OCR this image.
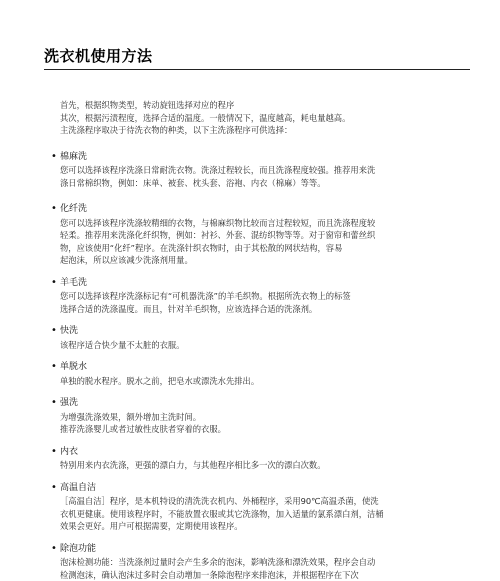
洗衣机使用方法

首先，根据织物类型，转动旋钮选择对应的程序

其次，根据污渍程度，选择合适的温度。一般情况下，温度越高，耗电量越高。

主洗涤程序取决于待洗衣物的种类，以下主洗涤程序可供选择：

• 棉麻洗

您可以选择该程序洗涤日常耐洗衣物。洗涤过程较长，而且洗涤程度较强。推荐用来洗

涤日常棉织物，例如：床单、被套、枕头套、浴袍、内衣（棉麻）等等。

• 化纤洗

您可以选择该程序洗涤较精细的衣物，与棉麻织物比较而言过程较短，而且洗涤程度较

轻柔。推荐用来洗涤化纤织物，例如：衬衫、外套、混纺织物等等。对于窗帘和蕾丝织

物，应该使用“化纤”程序。在洗涤针织衣物时，由于其松散的网状结构，容易

起泡沫，所以应该减少洗涤剂用量。

• 羊毛洗

您可以选择该程序洗涤标记有“可机器洗涤”的羊毛织物。根据所洗衣物上的标签

选择合适的洗涤温度。而且，针对羊毛织物，应该选择合适的洗涤剂。

• 快洗

该程序适合快少量不太脏的衣服。

• 单脱水

单独的脱水程序。脱水之前，把皂水或漂洗水先排出。

• 强洗

为增强洗涤效果，额外增加主洗时间。

推荐洗涤婴儿或者过敏性皮肤者穿着的衣服。

• 内衣

特别用来内衣洗涤，更强的漂白力，与其他程序相比多一次的漂白次数。

• 高温自洁

［高温自洁］程序，是本机特设的清洗洗衣机内、外桶程序，采用90℃高温杀菌，使洗

衣机更健康。使用该程序时，不能放置衣服或其它洗涤物，加入适量的氯系漂白剂，洁桶

效果会更好。用户可根据需要，定期使用该程序。

• 除泡功能

泡沫检测功能：当洗涤剂过量时会产生多余的泡沫，影响洗涤和漂洗效果，程序会自动

检测泡沫，确认泡沫过多时会自动增加一条除泡程序来排泡沫，并根据程序在下次
